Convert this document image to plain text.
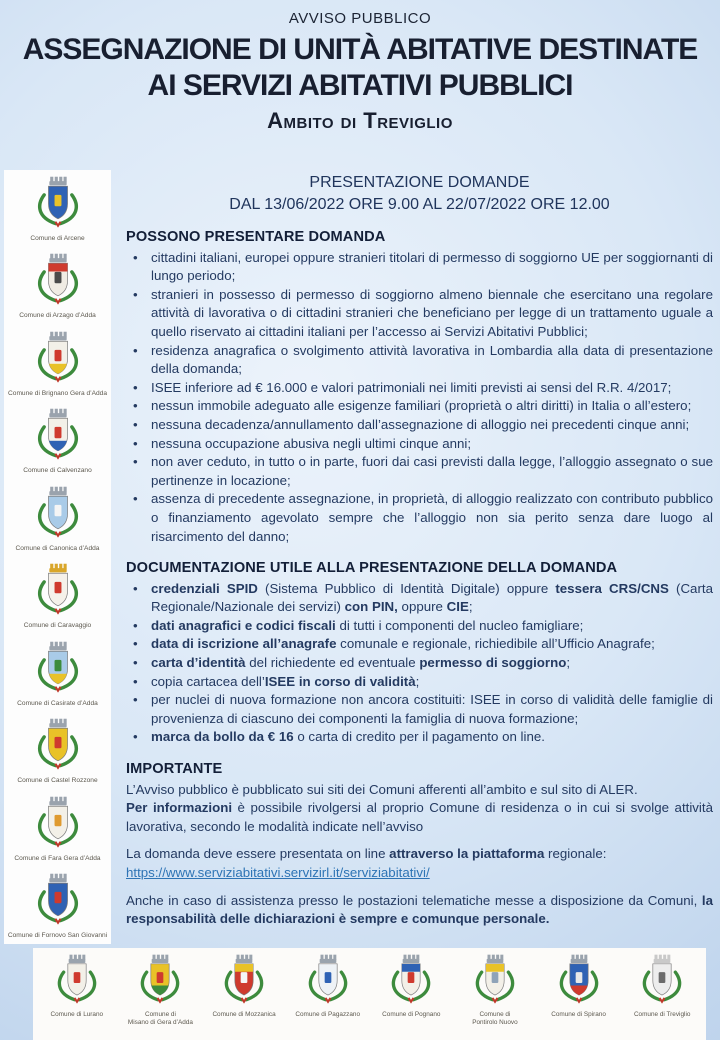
AVVISO PUBBLICO
ASSEGNAZIONE DI UNITÀ ABITATIVE DESTINATE
AI SERVIZI ABITATIVI PUBBLICI
Ambito di Treviglio
Comune di Arcene
Comune di Arzago d’Adda
Comune di Brignano Gera d’Adda
Comune di Calvenzano
Comune di Canonica d’Adda
Comune di Caravaggio
Comune di Casirate d’Adda
Comune di Castel Rozzone
Comune di Fara Gera d’Adda
Comune di Fornovo San Giovanni
PRESENTAZIONE DOMANDE
DAL 13/06/2022 ORE 9.00 AL 22/07/2022 ORE 12.00
POSSONO PRESENTARE DOMANDA
• cittadini italiani, europei oppure stranieri titolari di permesso di soggiorno UE per soggiornanti di lungo periodo;
• stranieri in possesso di permesso di soggiorno almeno biennale che esercitano una regolare attività di lavorativa o di cittadini stranieri che beneficiano per legge di un trattamento uguale a quello riservato ai cittadini italiani per l’accesso ai Servizi Abitativi Pubblici;
• residenza anagrafica o svolgimento attività lavorativa in Lombardia alla data di presentazione della domanda;
• ISEE inferiore ad € 16.000 e valori patrimoniali nei limiti previsti ai sensi del R.R. 4/2017;
• nessun immobile adeguato alle esigenze familiari (proprietà o altri diritti) in Italia o all’estero;
• nessuna decadenza/annullamento dall’assegnazione di alloggio nei precedenti cinque anni;
• nessuna occupazione abusiva negli ultimi cinque anni;
• non aver ceduto, in tutto o in parte, fuori dai casi previsti dalla legge, l’alloggio assegnato o sue pertinenze in locazione;
• assenza di precedente assegnazione, in proprietà, di alloggio realizzato con contributo pubblico o finanziamento agevolato sempre che l’alloggio non sia perito senza dare luogo al risarcimento del danno;
DOCUMENTAZIONE UTILE ALLA PRESENTAZIONE DELLA DOMANDA
• credenziali SPID (Sistema Pubblico di Identità Digitale) oppure tessera CRS/CNS (Carta Regionale/Nazionale dei servizi) con PIN, oppure CIE;
• dati anagrafici e codici fiscali di tutti i componenti del nucleo famigliare;
• data di iscrizione all’anagrafe comunale e regionale, richiedibile all’Ufficio Anagrafe;
• carta d’identità del richiedente ed eventuale permesso di soggiorno;
• copia cartacea dell’ISEE in corso di validità;
• per nuclei di nuova formazione non ancora costituiti: ISEE in corso di validità delle famiglie di provenienza di ciascuno dei componenti la famiglia di nuova formazione;
• marca da bollo da € 16 o carta di credito per il pagamento on line.
IMPORTANTE

L’Avviso pubblico è pubblicato sui siti dei Comuni afferenti all’ambito e sul sito di ALER.

Per informazioni è possibile rivolgersi al proprio Comune di residenza o in cui si svolge attività lavorativa, secondo le modalità indicate nell’avviso

La domanda deve essere presentata on line attraverso la piattaforma regionale:

https://www.serviziabitativi.servizirl.it/serviziabitativi/

Anche in caso di assistenza presso le postazioni telematiche messe a disposizione da Comuni, la responsabilità delle dichiarazioni è sempre e comunque personale.

Comune di Lurano	Comune di
Misano di Gera d’Adda
Comune di Mozzanica	Comune di Pagazzano	Comune di Pognano	Comune di
Pontirolo Nuovo
Comune di Spirano	Comune di Treviglio
